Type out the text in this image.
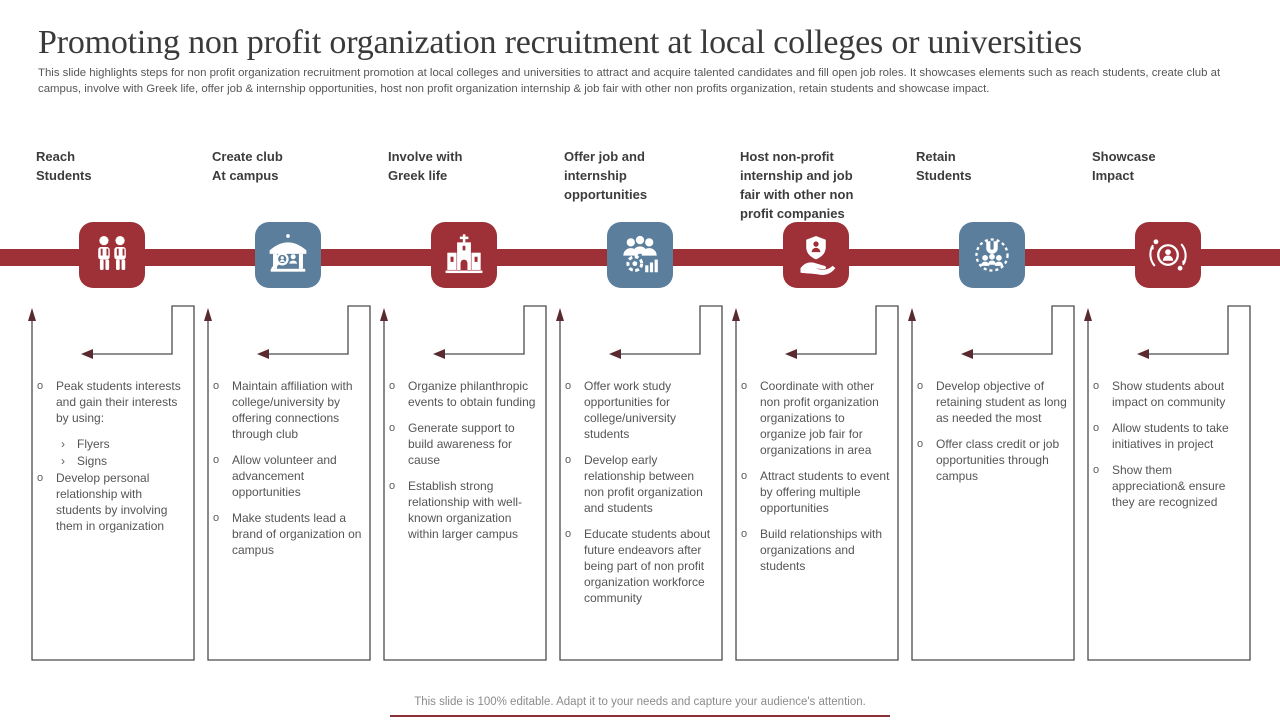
Promoting non profit organization recruitment at local colleges or universities

This slide highlights steps for non profit organization recruitment promotion at local colleges and universities to attract and acquire talented candidates and fill open job roles. It showcases elements such as reach students, create club at campus, involve with Greek life, offer job & internship opportunities, host non profit organization internship & job fair with other non profits organization, retain students and showcase impact.

Reach
Students
o	Peak students interests and gain their interests by using:
›	Flyers
›	Signs
o	Develop personal relationship with students by involving them in organization
Create club
At campus
o	Maintain affiliation with college/university by offering connections through club
o	Allow volunteer and advancement opportunities
o	Make students lead a brand of organization on campus
Involve with
Greek life
o	Organize philanthropic events to obtain funding
o	Generate support to build awareness for cause
o	Establish strong relationship with well-known organization within larger campus
Offer job and
internship
opportunities
o	Offer work study opportunities for college/university students
o	Develop early relationship between non profit organization and students
o	Educate students about future endeavors after being part of non profit organization workforce community
Host non-profit
internship and job
fair with other non
profit companies
o	Coordinate with other non profit organization organizations to organize job fair for organizations in area
o	Attract students to event by offering multiple opportunities
o	Build relationships with organizations and students
Retain
Students
o	Develop objective of retaining student as long as needed the most
o	Offer class credit or job opportunities through campus
Showcase
Impact
o	Show students about impact on community
o	Allow students to take initiatives in project
o	Show them appreciation& ensure they are recognized

This slide is 100% editable. Adapt it to your needs and capture your audience's attention.
